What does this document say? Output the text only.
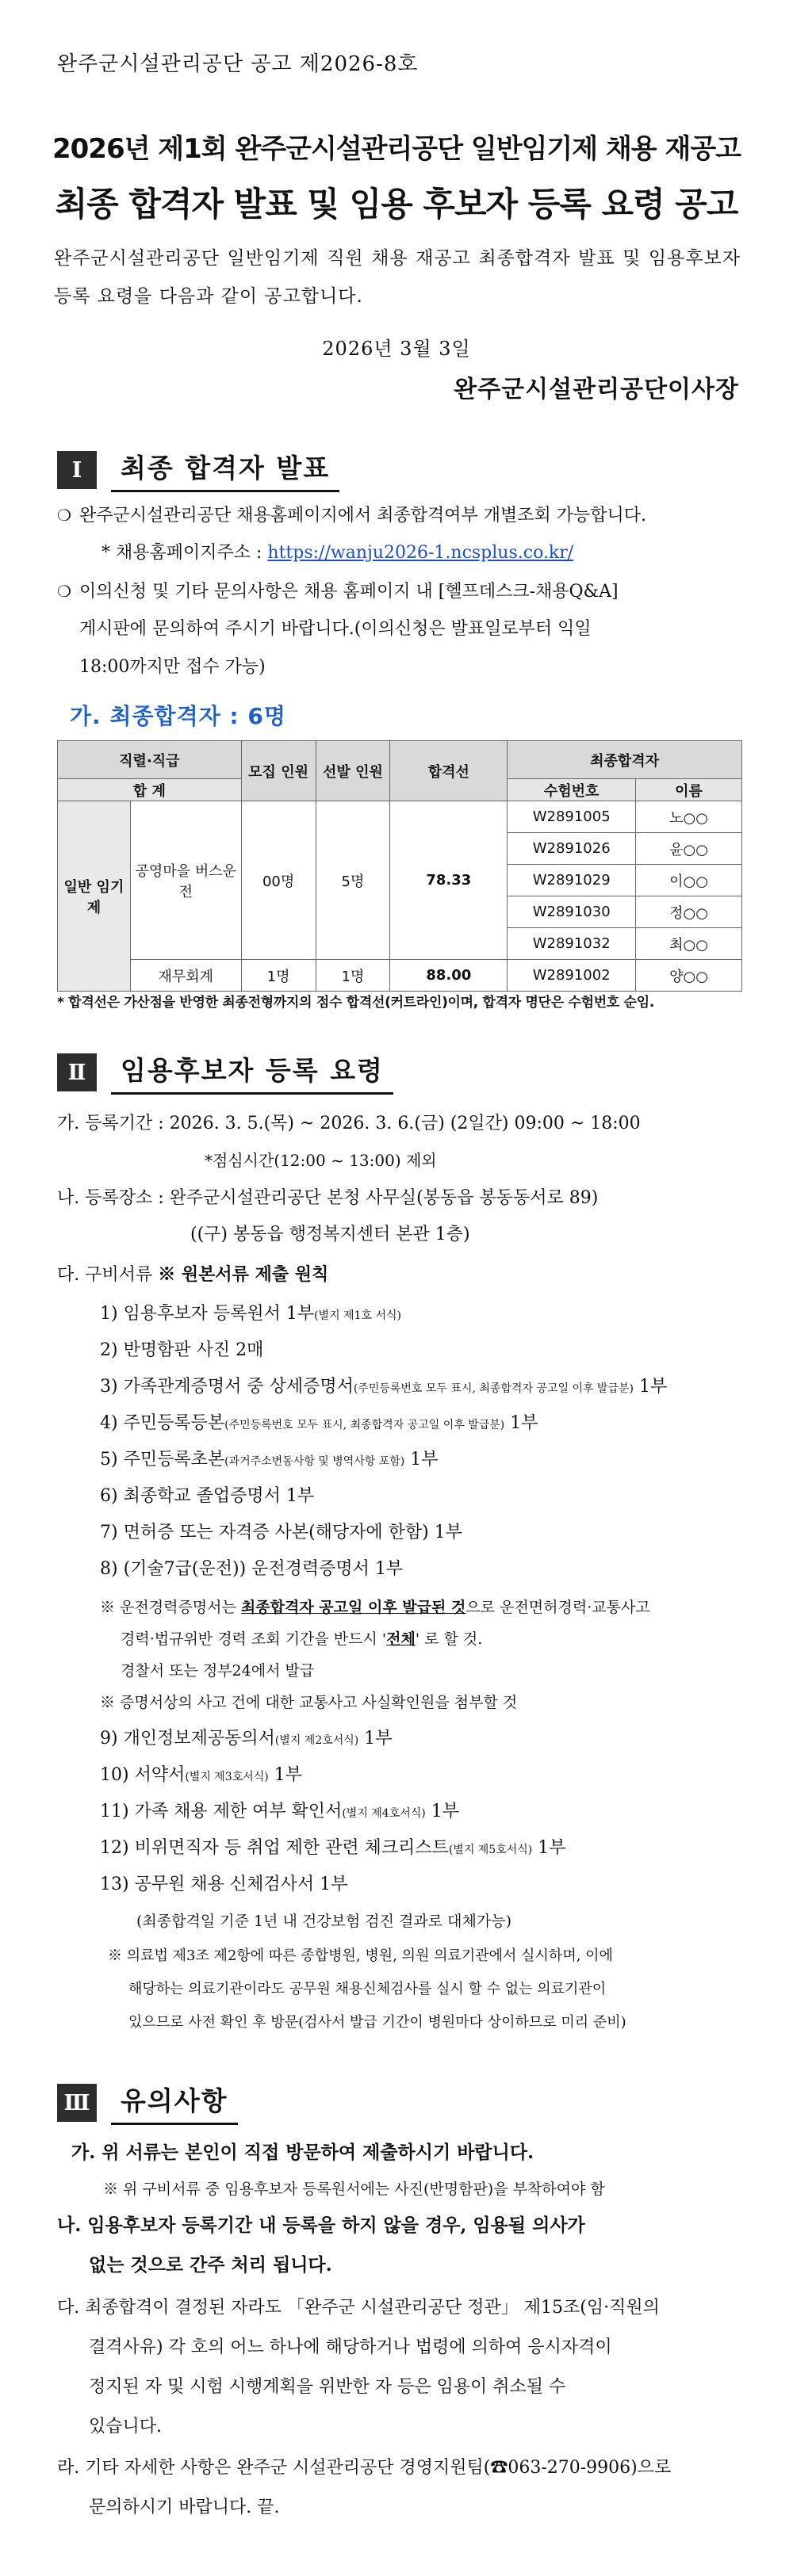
완주군시설관리공단 공고 제2026-8호
2026년 제1회 완주군시설관리공단 일반임기제 채용 재공고
최종 합격자 발표 및 임용 후보자 등록 요령 공고
완주군시설관리공단 일반임기제 직원 채용 재공고 최종합격자 발표 및 임용후보자 등록 요령을 다음과 같이 공고합니다.
2026년 3월 3일
완주군시설관리공단이사장
Ⅰ	최종 합격자 발표
❍ 완주군시설관리공단 채용홈페이지에서 최종합격여부 개별조회 가능합니다.
* 채용홈페이지주소 : https://wanju2026-1.ncsplus.co.kr/
❍ 이의신청 및 기타 문의사항은 채용 홈페이지 내 [헬프데스크-채용Q&A]
게시판에 문의하여 주시기 바랍니다.(이의신청은 발표일로부터 익일
18:00까지만 접수 가능)
가. 최종합격자 : 6명
직렬·직급		모집 인원	선발 인원	합격선	최종합격자	
합 계					수험번호	이름
일반 임기제	공영마을 버스운전	00명	5명	78.33	W2891005	노○○
					W2891026	윤○○
					W2891029	이○○
					W2891030	정○○
					W2891032	최○○
	재무회계	1명	1명	88.00	W2891002	양○○
* 합격선은 가산점을 반영한 최종전형까지의 점수 합격선(커트라인)이며, 합격자 명단은 수험번호 순임.
Ⅱ	임용후보자 등록 요령
가. 등록기간 : 2026. 3. 5.(목) ~ 2026. 3. 6.(금) (2일간) 09:00 ~ 18:00
*점심시간(12:00 ~ 13:00) 제외
나. 등록장소 : 완주군시설관리공단 본청 사무실(봉동읍 봉동동서로 89)
((구) 봉동읍 행정복지센터 본관 1층)
다. 구비서류 ※ 원본서류 제출 원칙
1) 임용후보자 등록원서 1부(별지 제1호 서식)
2) 반명함판 사진 2매
3) 가족관계증명서 중 상세증명서(주민등록번호 모두 표시, 최종합격자 공고일 이후 발급분) 1부
4) 주민등록등본(주민등록번호 모두 표시, 최종합격자 공고일 이후 발급분) 1부
5) 주민등록초본(과거주소변동사항 및 병역사항 포함) 1부
6) 최종학교 졸업증명서 1부
7) 면허증 또는 자격증 사본(해당자에 한함) 1부
8) (기술7급(운전)) 운전경력증명서 1부
※ 운전경력증명서는 최종합격자 공고일 이후 발급된 것으로 운전면허경력·교통사고
경력·법규위반 경력 조회 기간을 반드시 '전체' 로 할 것.
경찰서 또는 정부24에서 발급
※ 증명서상의 사고 건에 대한 교통사고 사실확인원을 첨부할 것
9) 개인정보제공동의서(별지 제2호서식) 1부
10) 서약서(별지 제3호서식) 1부
11) 가족 채용 제한 여부 확인서(별지 제4호서식) 1부
12) 비위면직자 등 취업 제한 관련 체크리스트(별지 제5호서식) 1부
13) 공무원 채용 신체검사서 1부
(최종합격일 기준 1년 내 건강보험 검진 결과로 대체가능)
※ 의료법 제3조 제2항에 따른 종합병원, 병원, 의원 의료기관에서 실시하며, 이에
해당하는 의료기관이라도 공무원 채용신체검사를 실시 할 수 없는 의료기관이
있으므로 사전 확인 후 방문(검사서 발급 기간이 병원마다 상이하므로 미리 준비)
Ⅲ	유의사항
가. 위 서류는 본인이 직접 방문하여 제출하시기 바랍니다.
※ 위 구비서류 중 임용후보자 등록원서에는 사진(반명함판)을 부착하여야 함
나. 임용후보자 등록기간 내 등록을 하지 않을 경우, 임용될 의사가
없는 것으로 간주 처리 됩니다.
다. 최종합격이 결정된 자라도 「완주군 시설관리공단 정관」 제15조(임·직원의
결격사유) 각 호의 어느 하나에 해당하거나 법령에 의하여 응시자격이
정지된 자 및 시험 시행계획을 위반한 자 등은 임용이 취소될 수
있습니다.
라. 기타 자세한 사항은 완주군 시설관리공단 경영지원팀(☎063-270-9906)으로
문의하시기 바랍니다. 끝.
